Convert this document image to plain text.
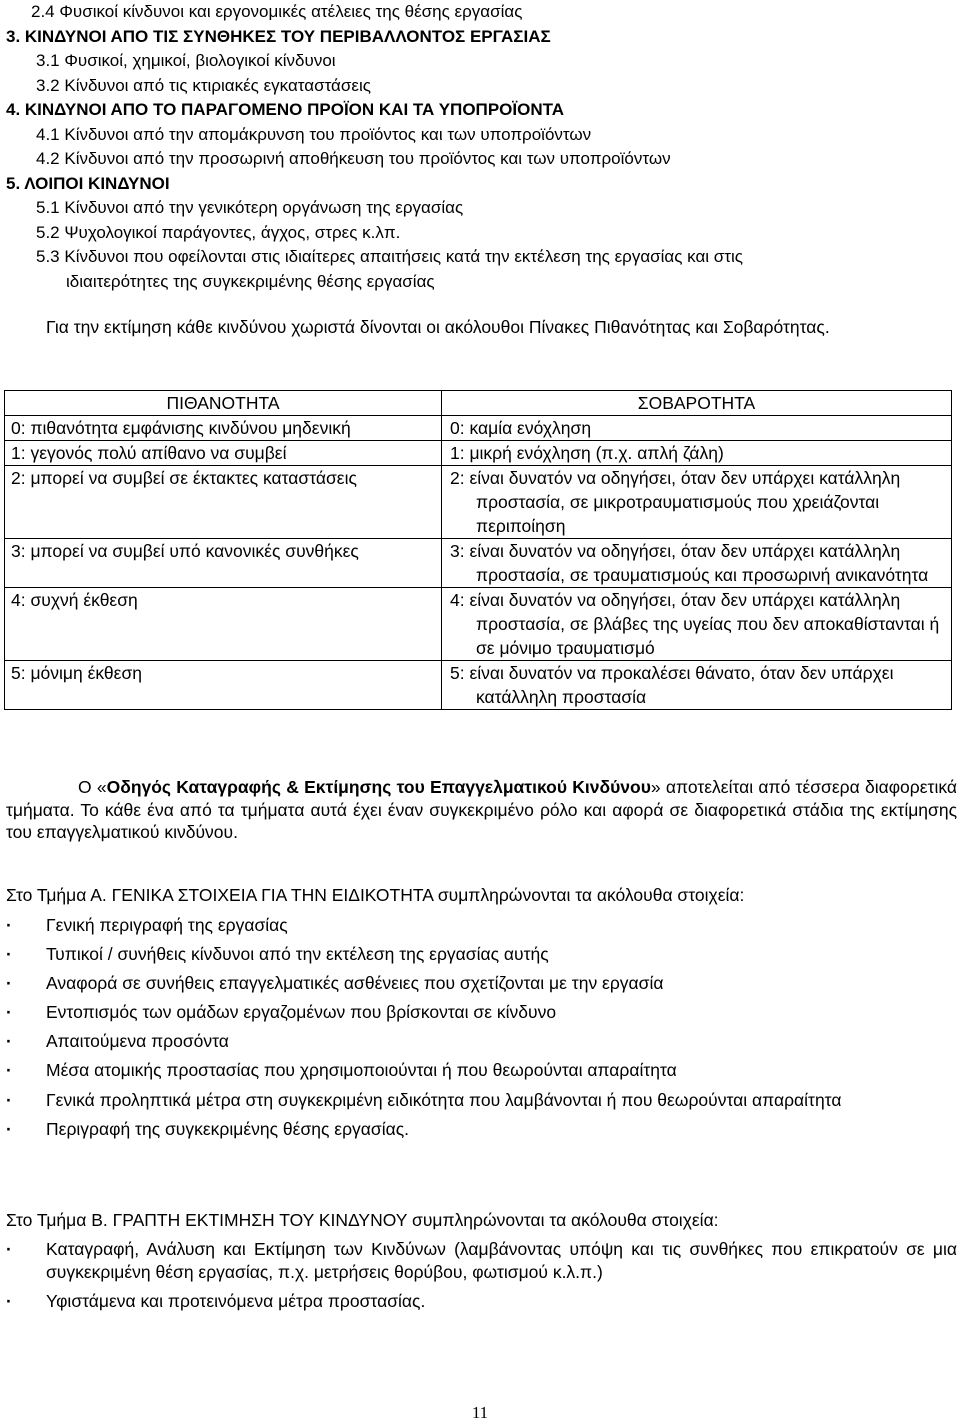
2.4 Φυσικοί κίνδυνοι και εργονομικές ατέλειες της θέσης εργασίας
3. ΚΙΝΔΥΝΟΙ ΑΠΟ ΤΙΣ ΣΥΝΘΗΚΕΣ ΤΟΥ ΠΕΡΙΒΑΛΛΟΝΤΟΣ ΕΡΓΑΣΙΑΣ
3.1 Φυσικοί, χημικοί, βιολογικοί κίνδυνοι
3.2 Κίνδυνοι από τις κτιριακές εγκαταστάσεις
4. ΚΙΝΔΥΝΟΙ ΑΠΟ ΤΟ ΠΑΡΑΓΟΜΕΝΟ ΠΡΟΪΟΝ ΚΑΙ ΤΑ ΥΠΟΠΡΟΪΟΝΤΑ
4.1 Κίνδυνοι από την απομάκρυνση του προϊόντος και των υποπροϊόντων
4.2 Κίνδυνοι από την προσωρινή αποθήκευση του προϊόντος και των υποπροϊόντων
5. ΛΟΙΠΟΙ ΚΙΝΔΥΝΟΙ
5.1 Κίνδυνοι από την γενικότερη οργάνωση της εργασίας
5.2 Ψυχολογικοί παράγοντες, άγχος, στρες κ.λπ.
5.3 Κίνδυνοι που οφείλονται στις ιδιαίτερες απαιτήσεις κατά την εκτέλεση της εργασίας και στις
ιδιαιτερότητες της συγκεκριμένης θέσης εργασίας
Για την εκτίμηση κάθε κινδύνου χωριστά δίνονται οι ακόλουθοι Πίνακες Πιθανότητας και Σοβαρότητας.
ΠΙΘΑΝΟΤΗΤΑ	ΣΟΒΑΡΟΤΗΤΑ
0: πιθανότητα εμφάνισης κινδύνου μηδενική	0: καμία ενόχληση
1: γεγονός πολύ απίθανο να συμβεί	1: μικρή ενόχληση (π.χ. απλή ζάλη)
2: μπορεί να συμβεί σε έκτακτες καταστάσεις	2: είναι δυνατόν να οδηγήσει, όταν δεν υπάρχει κατάλληλη προστασία, σε μικροτραυματισμούς που χρειάζονται περιποίηση

3: μπορεί να συμβεί υπό κανονικές συνθήκες	3: είναι δυνατόν να οδηγήσει, όταν δεν υπάρχει κατάλληλη προστασία, σε τραυματισμούς και προσωρινή ανικανότητα

4: συχνή έκθεση	4: είναι δυνατόν να οδηγήσει, όταν δεν υπάρχει κατάλληλη προστασία, σε βλάβες της υγείας που δεν αποκαθίστανται ή σε μόνιμο τραυματισμό

5: μόνιμη έκθεση	5: είναι δυνατόν να προκαλέσει θάνατο, όταν δεν υπάρχει κατάλληλη προστασία
Ο «Οδηγός Καταγραφής & Εκτίμησης του Επαγγελματικού Κινδύνου» αποτελείται από τέσσερα διαφορετικά τμήματα. Το κάθε ένα από τα τμήματα αυτά έχει έναν συγκεκριμένο ρόλο και αφορά σε διαφορετικά στάδια της εκτίμησης του επαγγελματικού κινδύνου.
Στο Τμήμα Α. ΓΕΝΙΚΑ ΣΤΟΙΧΕΙΑ ΓΙΑ ΤΗΝ ΕΙΔΙΚΟΤΗΤΑ συμπληρώνονται τα ακόλουθα στοιχεία:
· Γενική περιγραφή της εργασίας
· Τυπικοί / συνήθεις κίνδυνοι από την εκτέλεση της εργασίας αυτής
· Αναφορά σε συνήθεις επαγγελματικές ασθένειες που σχετίζονται με την εργασία
· Εντοπισμός των ομάδων εργαζομένων που βρίσκονται σε κίνδυνο
· Απαιτούμενα προσόντα
· Μέσα ατομικής προστασίας που χρησιμοποιούνται ή που θεωρούνται απαραίτητα
· Γενικά προληπτικά μέτρα στη συγκεκριμένη ειδικότητα που λαμβάνονται ή που θεωρούνται απαραίτητα
· Περιγραφή της συγκεκριμένης θέσης εργασίας.
Στο Τμήμα Β. ΓΡΑΠΤΗ ΕΚΤΙΜΗΣΗ ΤΟΥ ΚΙΝΔΥΝΟΥ συμπληρώνονται τα ακόλουθα στοιχεία:
· Καταγραφή, Ανάλυση και Εκτίμηση των Κινδύνων (λαμβάνοντας υπόψη και τις συνθήκες που επικρατούν σε μια συγκεκριμένη θέση εργασίας, π.χ. μετρήσεις θορύβου, φωτισμού κ.λ.π.)
· Υφιστάμενα και προτεινόμενα μέτρα προστασίας.
11
